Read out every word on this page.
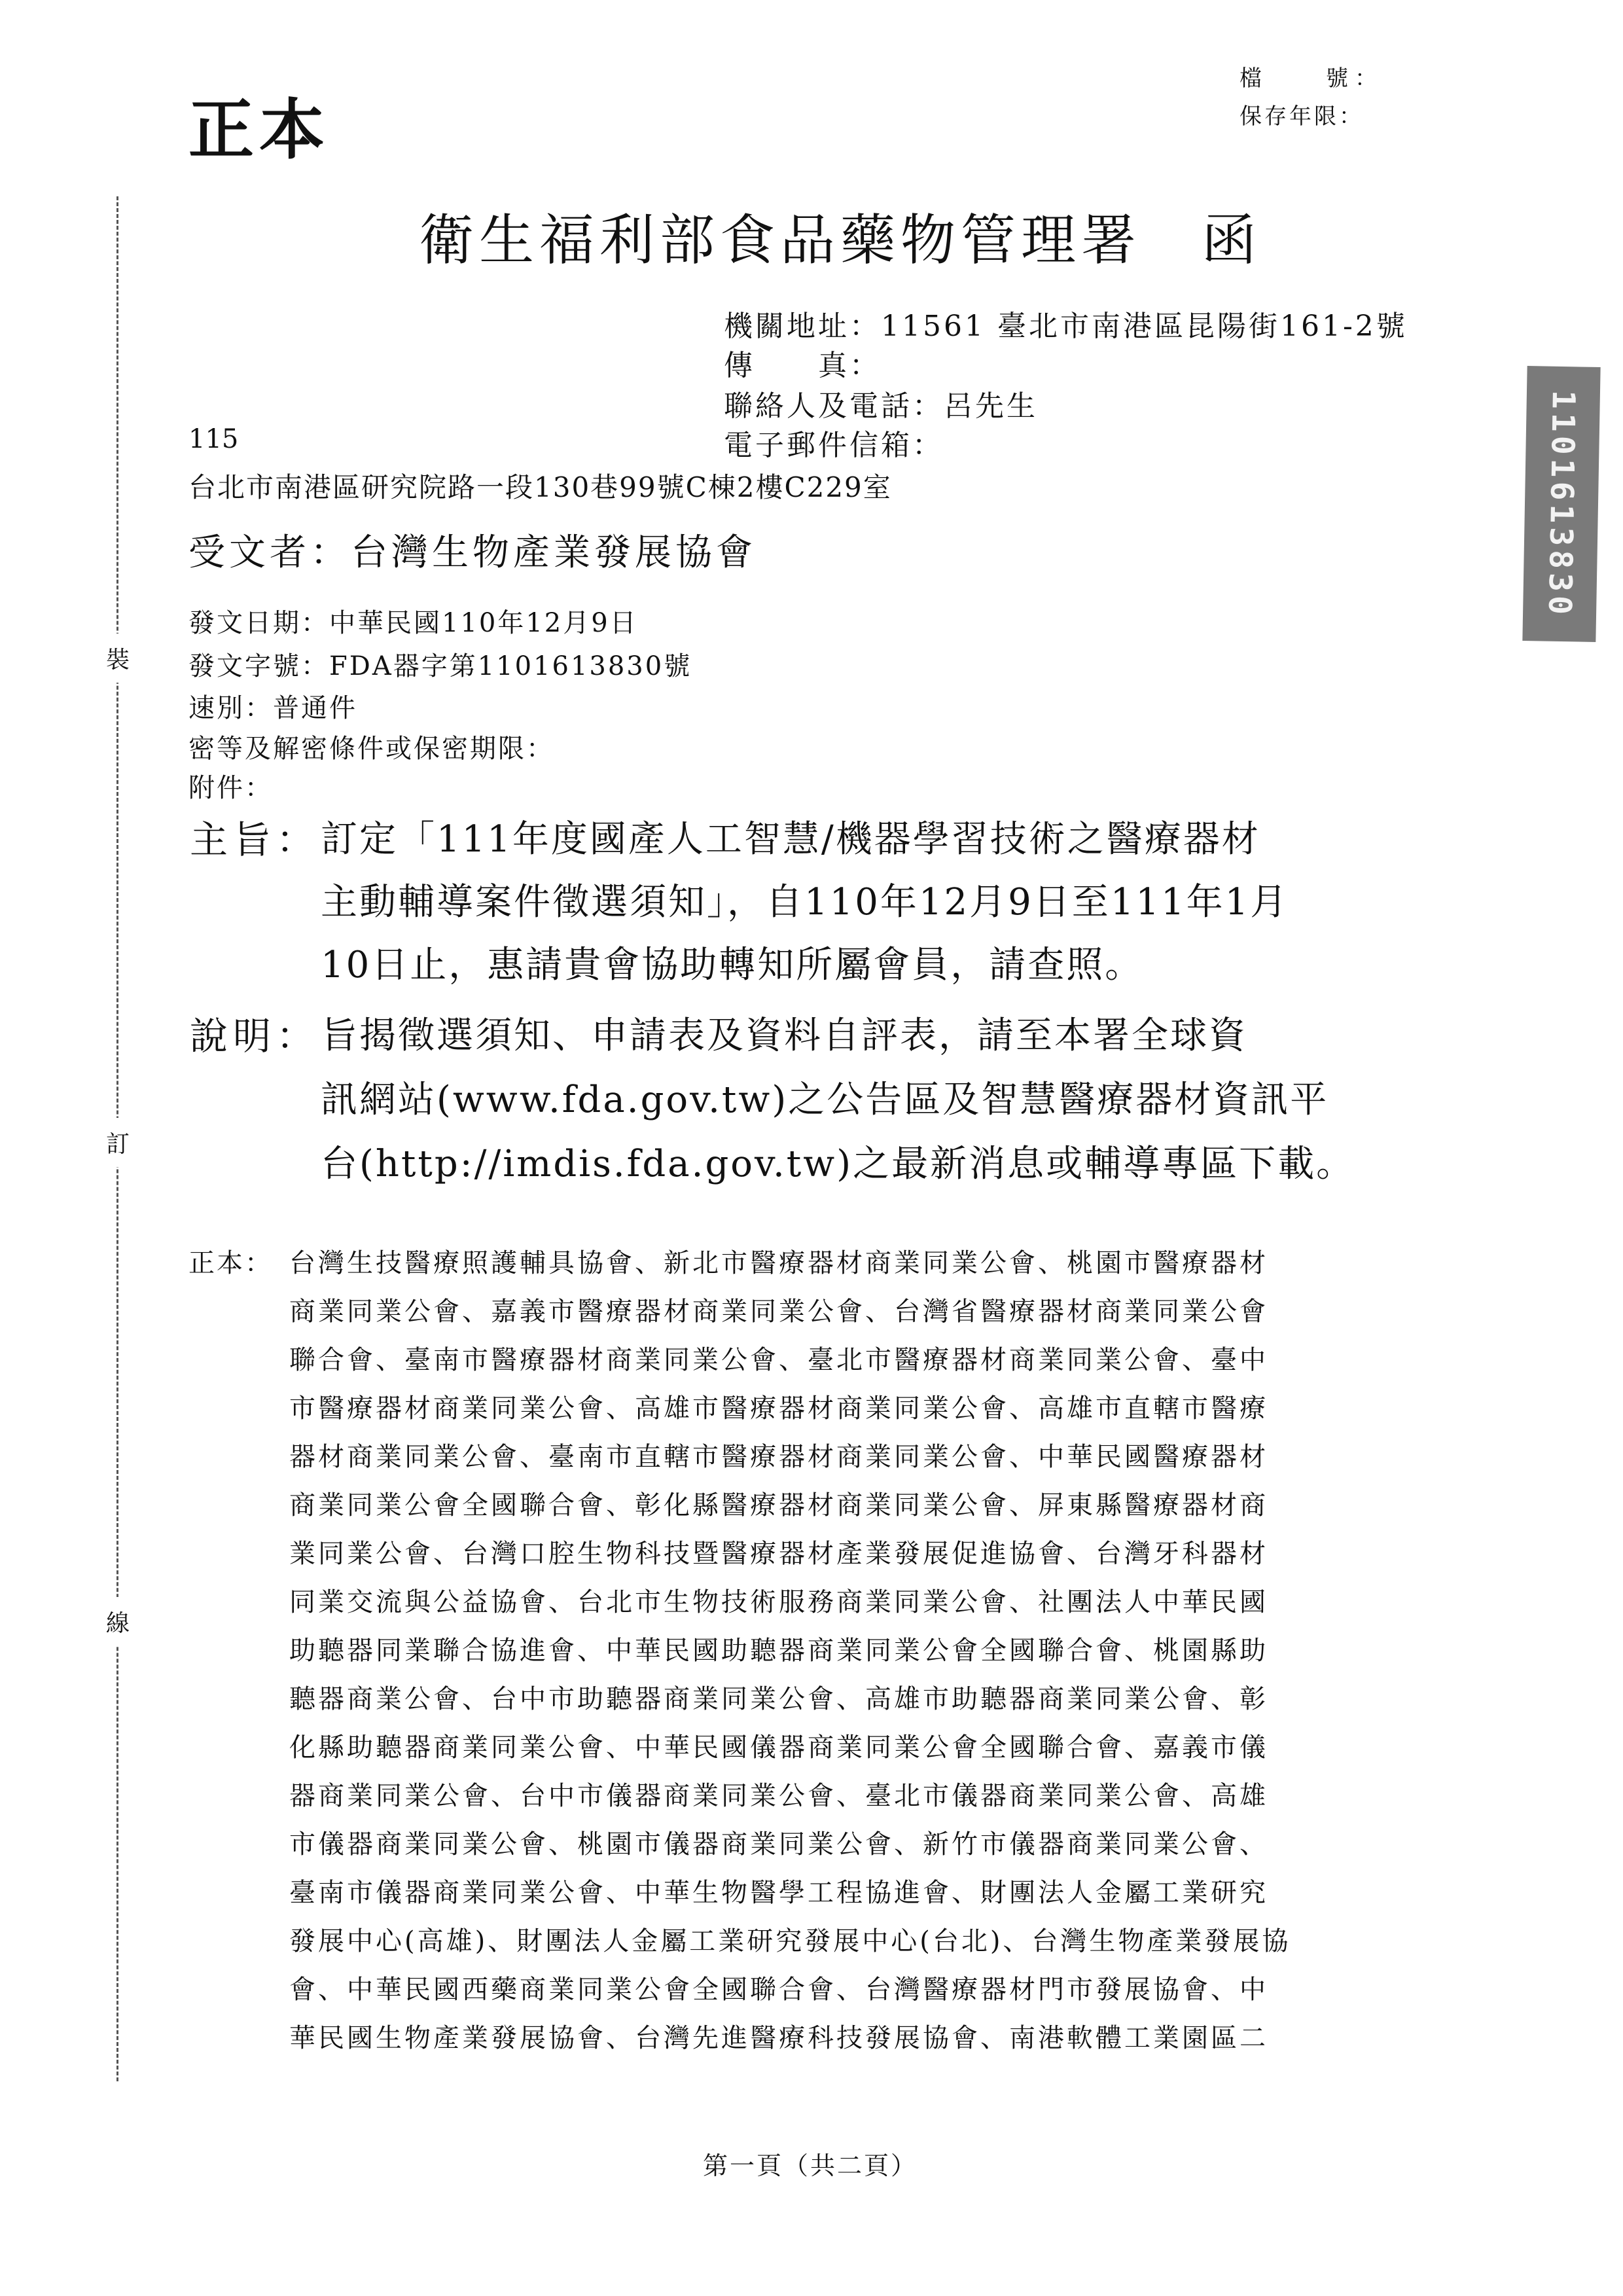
正本
檔　　號：
保存年限：
衛生福利部食品藥物管理署　函
機關地址：11561 臺北市南港區昆陽街161-2號
傳　　真：
聯絡人及電話：呂先生
電子郵件信箱：
115
台北市南港區研究院路一段130巷99號C棟2樓C229室
受文者：台灣生物產業發展協會
發文日期：中華民國110年12月9日
發文字號：FDA器字第1101613830號
速別：普通件
密等及解密條件或保密期限：
附件：
主旨： 訂定「111年度國產人工智慧/機器學習技術之醫療器材
主動輔導案件徵選須知」，自110年12月9日至111年1月
10日止，惠請貴會協助轉知所屬會員，請查照。
說明： 旨揭徵選須知、申請表及資料自評表，請至本署全球資
訊網站(www.fda.gov.tw)之公告區及智慧醫療器材資訊平
台(http://imdis.fda.gov.tw)之最新消息或輔導專區下載。
正本： 台灣生技醫療照護輔具協會、新北市醫療器材商業同業公會、桃園市醫療器材
商業同業公會、嘉義市醫療器材商業同業公會、台灣省醫療器材商業同業公會
聯合會、臺南市醫療器材商業同業公會、臺北市醫療器材商業同業公會、臺中
市醫療器材商業同業公會、高雄市醫療器材商業同業公會、高雄市直轄市醫療
器材商業同業公會、臺南市直轄市醫療器材商業同業公會、中華民國醫療器材
商業同業公會全國聯合會、彰化縣醫療器材商業同業公會、屏東縣醫療器材商
業同業公會、台灣口腔生物科技暨醫療器材產業發展促進協會、台灣牙科器材
同業交流與公益協會、台北市生物技術服務商業同業公會、社團法人中華民國
助聽器同業聯合協進會、中華民國助聽器商業同業公會全國聯合會、桃園縣助
聽器商業公會、台中市助聽器商業同業公會、高雄市助聽器商業同業公會、彰
化縣助聽器商業同業公會、中華民國儀器商業同業公會全國聯合會、嘉義市儀
器商業同業公會、台中市儀器商業同業公會、臺北市儀器商業同業公會、高雄
市儀器商業同業公會、桃園市儀器商業同業公會、新竹市儀器商業同業公會、
臺南市儀器商業同業公會、中華生物醫學工程協進會、財團法人金屬工業研究
發展中心(高雄)、財團法人金屬工業研究發展中心(台北)、台灣生物產業發展協
會、中華民國西藥商業同業公會全國聯合會、台灣醫療器材門市發展協會、中
華民國生物產業發展協會、台灣先進醫療科技發展協會、南港軟體工業園區二
裝
訂
線
1101613830
第一頁（共二頁）
